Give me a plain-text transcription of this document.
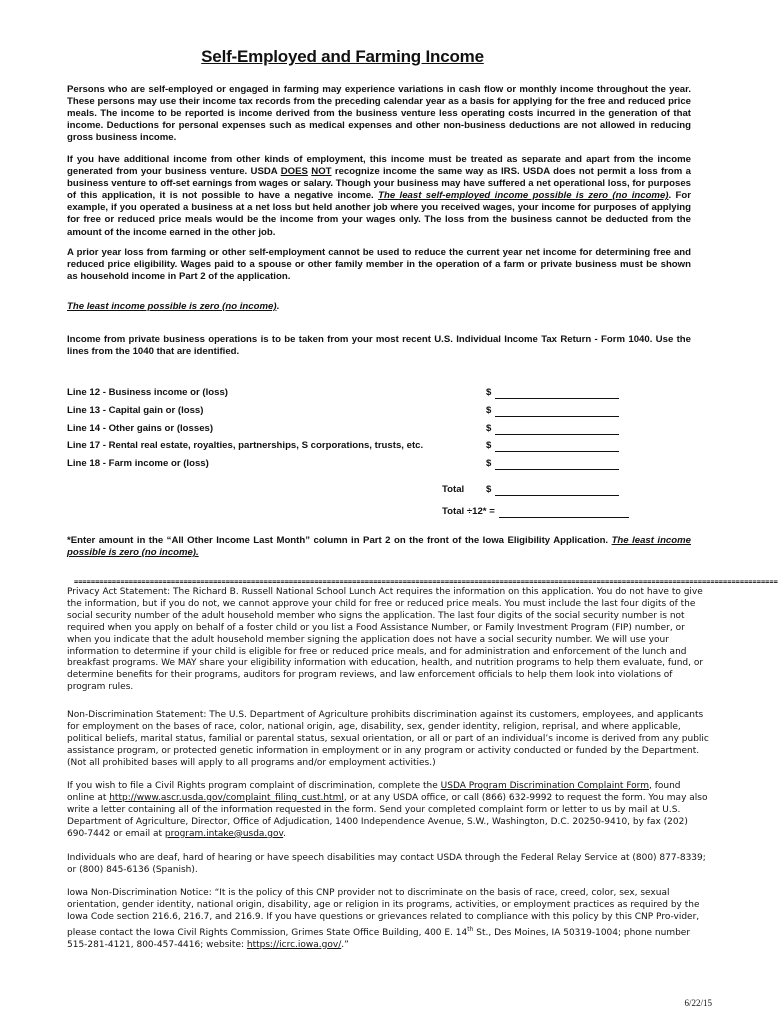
Self-Employed and Farming Income

Persons who are self-employed or engaged in farming may experience variations in cash flow or monthly income throughout the year. These persons may use their income tax records from the preceding calendar year as a basis for applying for the free and reduced price meals. The income to be reported is income derived from the business venture less operating costs incurred in the generation of that income. Deductions for personal expenses such as medical expenses and other non-business deductions are not allowed in reducing gross business income.

If you have additional income from other kinds of employment, this income must be treated as separate and apart from the income generated from your business venture. USDA DOES NOT recognize income the same way as IRS. USDA does not permit a loss from a business venture to off-set earnings from wages or salary. Though your business may have suffered a net operational loss, for purposes of this application, it is not possible to have a negative income. The least self-employed income possible is zero (no income). For example, if you operated a business at a net loss but held another job where you received wages, your income for purposes of applying for free or reduced price meals would be the income from your wages only. The loss from the business cannot be deducted from the amount of the income earned in the other job.

A prior year loss from farming or other self-employment cannot be used to reduce the current year net income for determining free and reduced price eligibility. Wages paid to a spouse or other family member in the operation of a farm or private business must be shown as household income in Part 2 of the application.

The least income possible is zero (no income).

Income from private business operations is to be taken from your most recent U.S. Individual Income Tax Return - Form 1040. Use the lines from the 1040 that are identified.

Line 12 - Business income or (loss)	$
Line 13 - Capital gain or (loss)	$
Line 14 - Other gains or (losses)	$
Line 17 - Rental real estate, royalties, partnerships, S corporations, trusts, etc.	$
Line 18 - Farm income or (loss)	$
Total $
Total ÷12* =

*Enter amount in the “All Other Income Last Month” column in Part 2 on the front of the Iowa Eligibility Application. The least income possible is zero (no income).

=======================================================================================================================================================================

Privacy Act Statement: The Richard B. Russell National School Lunch Act requires the information on this application. You do not have to give the information, but if you do not, we cannot approve your child for free or reduced price meals. You must include the last four digits of the social security number of the adult household member who signs the application. The last four digits of the social security number is not required when you apply on behalf of a foster child or you list a Food Assistance Number, or Family Investment Program (FIP) number, or when you indicate that the adult household member signing the application does not have a social security number. We will use your information to determine if your child is eligible for free or reduced price meals, and for administration and enforcement of the lunch and breakfast programs. We MAY share your eligibility information with education, health, and nutrition programs to help them evaluate, fund, or determine benefits for their programs, auditors for program reviews, and law enforcement officials to help them look into violations of program rules.

Non-Discrimination Statement: The U.S. Department of Agriculture prohibits discrimination against its customers, employees, and applicants for employment on the bases of race, color, national origin, age, disability, sex, gender identity, religion, reprisal, and where applicable, political beliefs, marital status, familial or parental status, sexual orientation, or all or part of an individual’s income is derived from any public assistance program, or protected genetic information in employment or in any program or activity conducted or funded by the Department. (Not all prohibited bases will apply to all programs and/or employment activities.)

If you wish to file a Civil Rights program complaint of discrimination, complete the USDA Program Discrimination Complaint Form, found online at http://www.ascr.usda.gov/complaint_filing_cust.html, or at any USDA office, or call (866) 632-9992 to request the form. You may also write a letter containing all of the information requested in the form. Send your completed complaint form or letter to us by mail at U.S. Department of Agriculture, Director, Office of Adjudication, 1400 Independence Avenue, S.W., Washington, D.C. 20250-9410, by fax (202) 690-7442 or email at program.intake@usda.gov.

Individuals who are deaf, hard of hearing or have speech disabilities may contact USDA through the Federal Relay Service at (800) 877-8339; or (800) 845-6136 (Spanish).

Iowa Non-Discrimination Notice: “It is the policy of this CNP provider not to discriminate on the basis of race, creed, color, sex, sexual orientation, gender identity, national origin, disability, age or religion in its programs, activities, or employment practices as required by the Iowa Code section 216.6, 216.7, and 216.9. If you have questions or grievances related to compliance with this policy by this CNP Pro-vider, please contact the Iowa Civil Rights Commission, Grimes State Office Building, 400 E. 14th St., Des Moines, IA 50319-1004; phone number 515-281-4121, 800-457-4416; website: https://icrc.iowa.gov/.”

6/22/15
